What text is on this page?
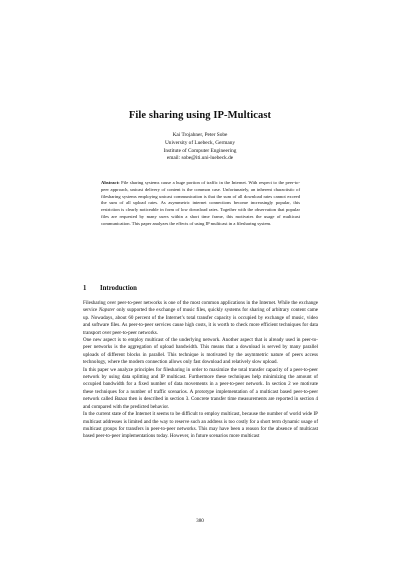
File sharing using IP-Multicast
Kai Trojahner, Peter Sobe
University of Luebeck, Germany
Institute of Computer Engineering
email: sobe@iti.uni-luebeck.de
Abstract: File sharing systems cause a huge portion of traffic in the Internet. With respect to the peer-to-peer approach, unicast delivery of content is the common case. Unfortunately, an inherent charactistic of filesharing systems employing unicast communication is that the sum of all download rates cannot exceed the sum of all upload rates. As asymmetric internet connections become increasingly popular, this restriction is clearly noticeable in form of low download rates. Together with the observation that popular files are requested by many users within a short time frame, this motivates the usage of multicast communication. This paper analyzes the effects of using IP multicast in a filesharing system.
1 Introduction

Filesharing over peer-to-peer networks is one of the most common applications in the Internet. While the exchange service Napster only supported the exchange of music files, quickly systems for sharing of arbitrary content came up. Nowadays, about 60 percent of the Internet’s total transfer capacity is occupied by exchange of music, video and software files. As peer-to-peer services cause high costs, it is worth to check more efficient techniques for data transport over peer-to-peer networks.

One new aspect is to employ multicast of the underlying network. Another aspect that is already used in peer-to-peer networks is the aggregation of upload bandwidth. This means that a download is served by many parallel uploads of different blocks in parallel. This technique is motivated by the asymmetric nature of peers access technology, where the modern connection allows only fast download and relatively slow upload.

In this paper we analyze principles for filesharing in order to maximize the total transfer capacity of a peer-to-peer network by using data splitting and IP multicast. Furthermore these techniques help minimizing the amount of occupied bandwidth for a fixed number of data movements in a peer-to-peer network. In section 2 we motivate these techniques for a number of traffic scenarios. A prototype implementation of a multicast based peer-to-peer network called Bazaa then is described in section 3. Concrete transfer time measurements are reported in section 4 and compared with the predicted behavior.

In the current state of the Internet it seems to be difficult to employ multicast, because the number of world wide IP multicast addresses is limited and the way to reserve such an address is too costly for a short term dynamic usage of multicast groups for transfers in peer-to-peer networks. This may have been a reason for the absence of multicast based peer-to-peer implementations today. However, in future scenarios more multicast

380
